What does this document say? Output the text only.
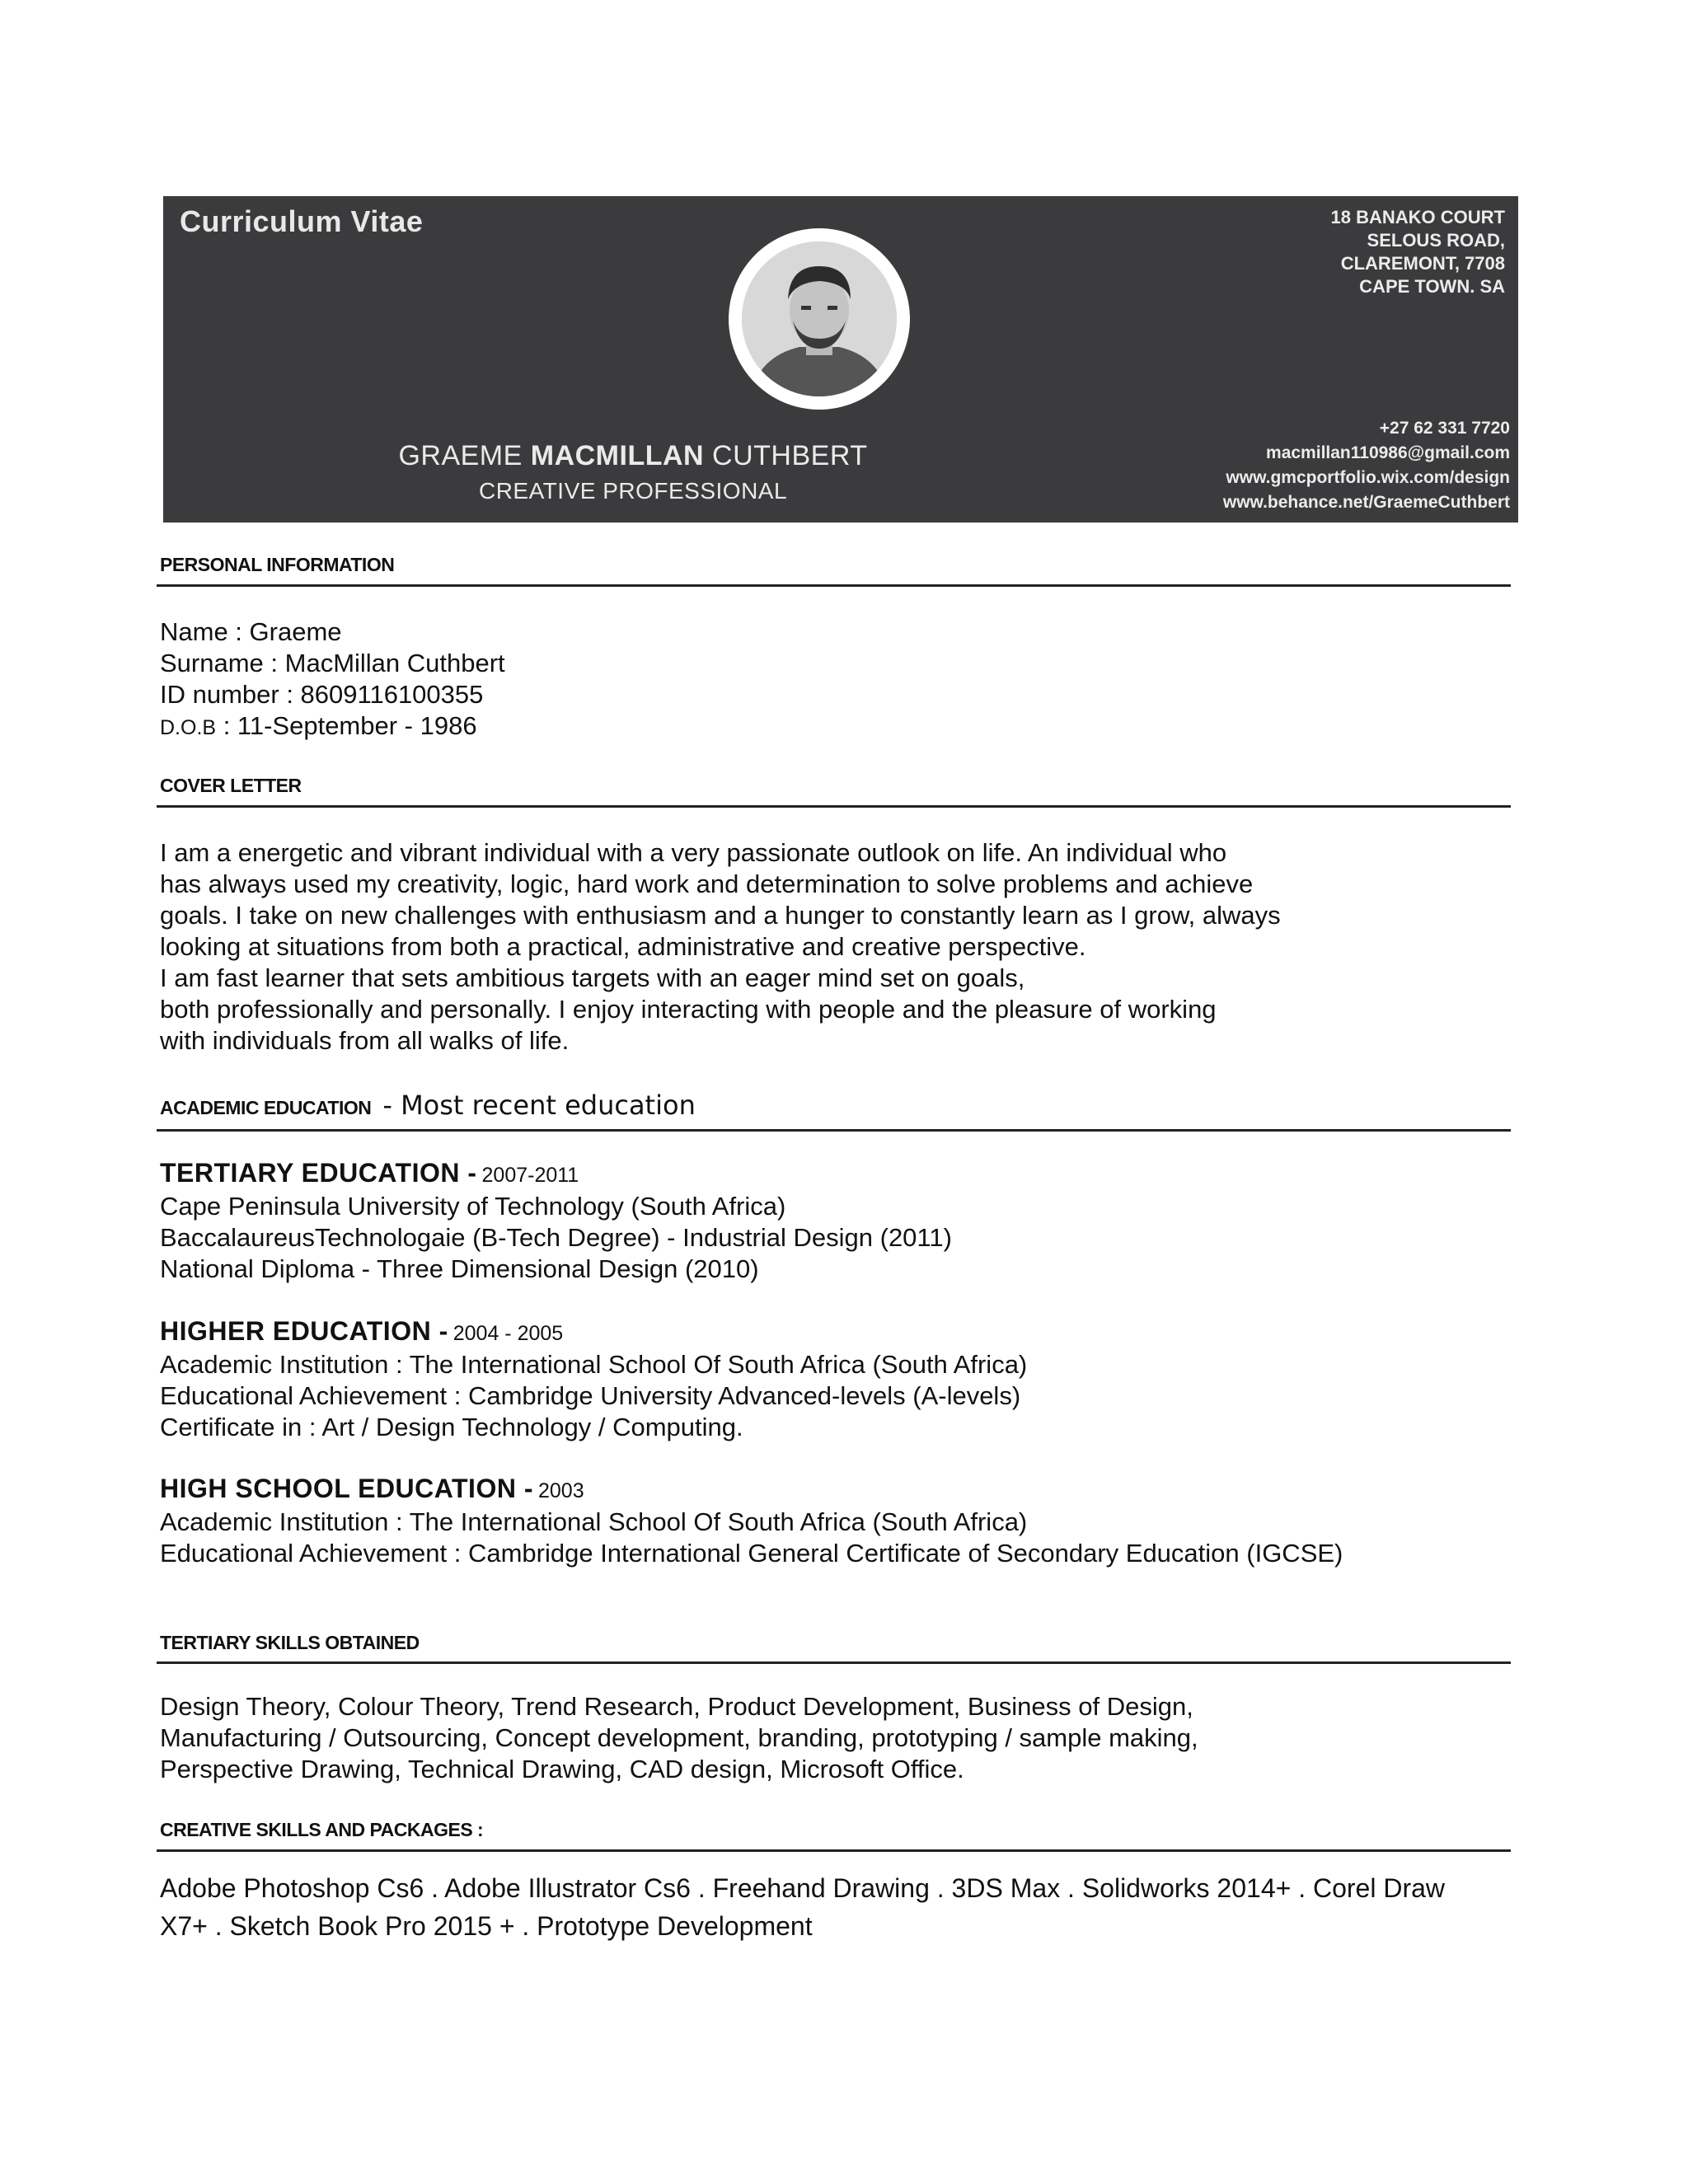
Curriculum Vitae
GRAEME MACMILLAN CUTHBERT
CREATIVE PROFESSIONAL
18 BANAKO COURT
SELOUS ROAD,
CLAREMONT, 7708
CAPE TOWN. SA
+27 62 331 7720
macmillan110986@gmail.com
www.gmcportfolio.wix.com/design
www.behance.net/GraemeCuthbert
PERSONAL INFORMATION
Name : Graeme
Surname : MacMillan Cuthbert
ID number : 8609116100355
D.O.B : 11-September - 1986
COVER LETTER
I am a energetic and vibrant individual with a very passionate outlook on life. An individual who
has always used my creativity, logic, hard work and determination to solve problems and achieve
goals. I take on new challenges with enthusiasm and a hunger to constantly learn as I grow, always
looking at situations from both a practical, administrative and creative perspective.
I am fast learner that sets ambitious targets with an eager mind set on goals,
both professionally and personally. I enjoy interacting with people and the pleasure of working
with individuals from all walks of life.
ACADEMIC EDUCATION - Most recent education
TERTIARY EDUCATION - 2007-2011
Cape Peninsula University of Technology (South Africa)
BaccalaureusTechnologaie (B-Tech Degree) - Industrial Design (2011)
National Diploma - Three Dimensional Design (2010)
HIGHER EDUCATION - 2004 - 2005
Academic Institution : The International School Of South Africa (South Africa)
Educational Achievement : Cambridge University Advanced-levels (A-levels)
Certificate in : Art / Design Technology / Computing.
HIGH SCHOOL EDUCATION - 2003
Academic Institution : The International School Of South Africa (South Africa)
Educational Achievement : Cambridge International General Certificate of Secondary Education (IGCSE)
TERTIARY SKILLS OBTAINED
Design Theory, Colour Theory, Trend Research, Product Development, Business of Design,
Manufacturing / Outsourcing, Concept development, branding, prototyping / sample making,
Perspective Drawing, Technical Drawing, CAD design, Microsoft Office.
CREATIVE SKILLS AND PACKAGES :
Adobe Photoshop Cs6 . Adobe Illustrator Cs6 . Freehand Drawing . 3DS Max . Solidworks 2014+ . Corel Draw
X7+ . Sketch Book Pro 2015 + . Prototype Development
